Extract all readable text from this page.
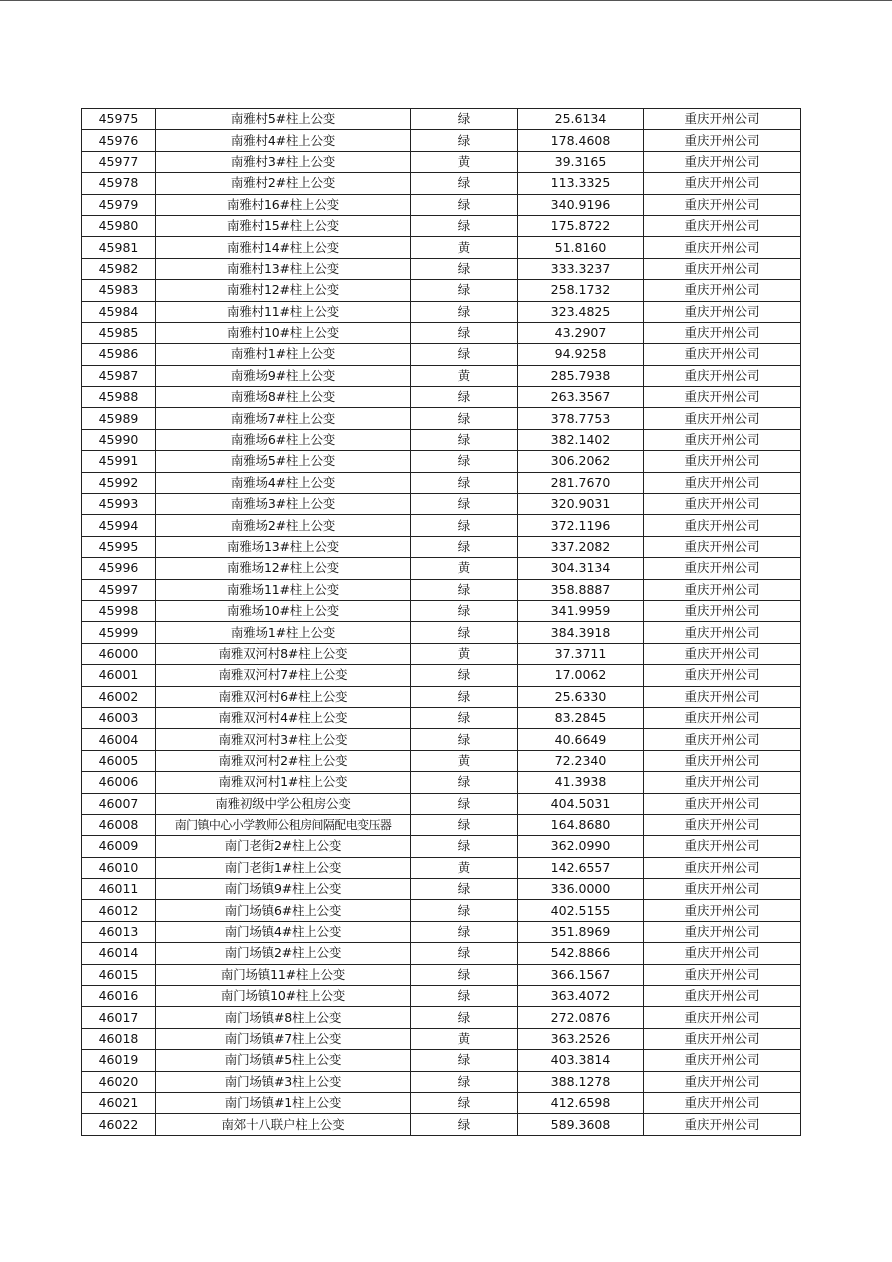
45975	南雅村5#柱上公变	绿	25.6134	重庆开州公司
45976	南雅村4#柱上公变	绿	178.4608	重庆开州公司
45977	南雅村3#柱上公变	黄	39.3165	重庆开州公司
45978	南雅村2#柱上公变	绿	113.3325	重庆开州公司
45979	南雅村16#柱上公变	绿	340.9196	重庆开州公司
45980	南雅村15#柱上公变	绿	175.8722	重庆开州公司
45981	南雅村14#柱上公变	黄	51.8160	重庆开州公司
45982	南雅村13#柱上公变	绿	333.3237	重庆开州公司
45983	南雅村12#柱上公变	绿	258.1732	重庆开州公司
45984	南雅村11#柱上公变	绿	323.4825	重庆开州公司
45985	南雅村10#柱上公变	绿	43.2907	重庆开州公司
45986	南雅村1#柱上公变	绿	94.9258	重庆开州公司
45987	南雅场9#柱上公变	黄	285.7938	重庆开州公司
45988	南雅场8#柱上公变	绿	263.3567	重庆开州公司
45989	南雅场7#柱上公变	绿	378.7753	重庆开州公司
45990	南雅场6#柱上公变	绿	382.1402	重庆开州公司
45991	南雅场5#柱上公变	绿	306.2062	重庆开州公司
45992	南雅场4#柱上公变	绿	281.7670	重庆开州公司
45993	南雅场3#柱上公变	绿	320.9031	重庆开州公司
45994	南雅场2#柱上公变	绿	372.1196	重庆开州公司
45995	南雅场13#柱上公变	绿	337.2082	重庆开州公司
45996	南雅场12#柱上公变	黄	304.3134	重庆开州公司
45997	南雅场11#柱上公变	绿	358.8887	重庆开州公司
45998	南雅场10#柱上公变	绿	341.9959	重庆开州公司
45999	南雅场1#柱上公变	绿	384.3918	重庆开州公司
46000	南雅双河村8#柱上公变	黄	37.3711	重庆开州公司
46001	南雅双河村7#柱上公变	绿	17.0062	重庆开州公司
46002	南雅双河村6#柱上公变	绿	25.6330	重庆开州公司
46003	南雅双河村4#柱上公变	绿	83.2845	重庆开州公司
46004	南雅双河村3#柱上公变	绿	40.6649	重庆开州公司
46005	南雅双河村2#柱上公变	黄	72.2340	重庆开州公司
46006	南雅双河村1#柱上公变	绿	41.3938	重庆开州公司
46007	南雅初级中学公租房公变	绿	404.5031	重庆开州公司
46008	南门镇中心小学教师公租房间隔配电变压器	绿	164.8680	重庆开州公司
46009	南门老街2#柱上公变	绿	362.0990	重庆开州公司
46010	南门老街1#柱上公变	黄	142.6557	重庆开州公司
46011	南门场镇9#柱上公变	绿	336.0000	重庆开州公司
46012	南门场镇6#柱上公变	绿	402.5155	重庆开州公司
46013	南门场镇4#柱上公变	绿	351.8969	重庆开州公司
46014	南门场镇2#柱上公变	绿	542.8866	重庆开州公司
46015	南门场镇11#柱上公变	绿	366.1567	重庆开州公司
46016	南门场镇10#柱上公变	绿	363.4072	重庆开州公司
46017	南门场镇#8柱上公变	绿	272.0876	重庆开州公司
46018	南门场镇#7柱上公变	黄	363.2526	重庆开州公司
46019	南门场镇#5柱上公变	绿	403.3814	重庆开州公司
46020	南门场镇#3柱上公变	绿	388.1278	重庆开州公司
46021	南门场镇#1柱上公变	绿	412.6598	重庆开州公司
46022	南郊十八联户柱上公变	绿	589.3608	重庆开州公司
